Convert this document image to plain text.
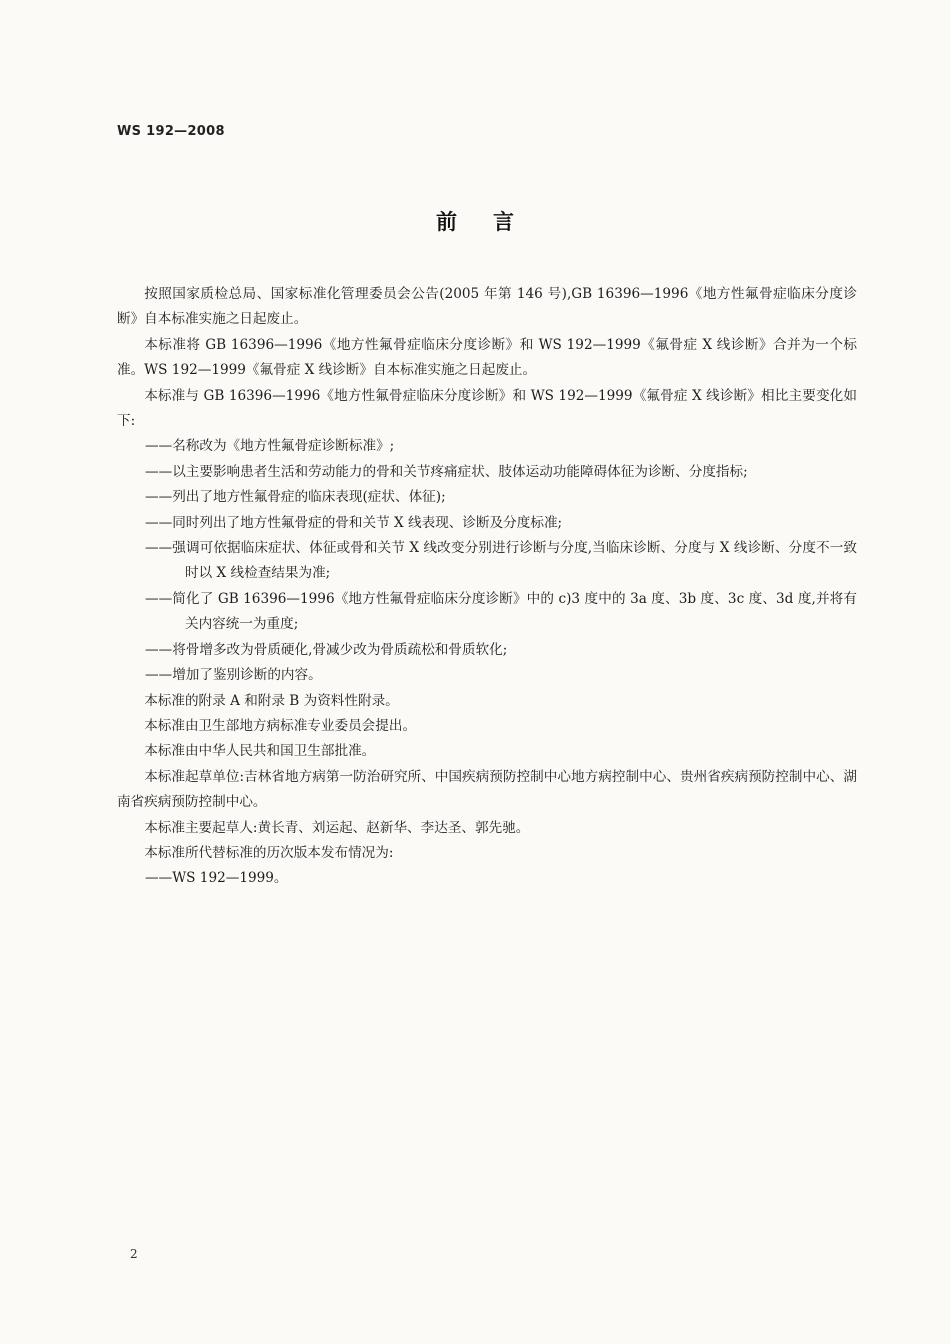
WS 192—2008
前言

按照国家质检总局、国家标准化管理委员会公告(2005 年第 146 号),GB 16396—1996《地方性氟骨症临床分度诊断》自本标准实施之日起废止。

本标准将 GB 16396—1996《地方性氟骨症临床分度诊断》和 WS 192—1999《氟骨症 X 线诊断》合并为一个标准。WS 192—1999《氟骨症 X 线诊断》自本标准实施之日起废止。

本标准与 GB 16396—1996《地方性氟骨症临床分度诊断》和 WS 192—1999《氟骨症 X 线诊断》相比主要变化如下:

——名称改为《地方性氟骨症诊断标准》;

——以主要影响患者生活和劳动能力的骨和关节疼痛症状、肢体运动功能障碍体征为诊断、分度指标;

——列出了地方性氟骨症的临床表现(症状、体征);

——同时列出了地方性氟骨症的骨和关节 X 线表现、诊断及分度标准;

——强调可依据临床症状、体征或骨和关节 X 线改变分别进行诊断与分度,当临床诊断、分度与 X 线诊断、分度不一致时以 X 线检查结果为准;

——简化了 GB 16396—1996《地方性氟骨症临床分度诊断》中的 c)3 度中的 3a 度、3b 度、3c 度、3d 度,并将有关内容统一为重度;

——将骨增多改为骨质硬化,骨减少改为骨质疏松和骨质软化;

——增加了鉴别诊断的内容。

本标准的附录 A 和附录 B 为资料性附录。

本标准由卫生部地方病标准专业委员会提出。

本标准由中华人民共和国卫生部批准。

本标准起草单位:吉林省地方病第一防治研究所、中国疾病预防控制中心地方病控制中心、贵州省疾病预防控制中心、湖南省疾病预防控制中心。

本标准主要起草人:黄长青、刘运起、赵新华、李达圣、郭先驰。

本标准所代替标准的历次版本发布情况为:

——WS 192—1999。

2
